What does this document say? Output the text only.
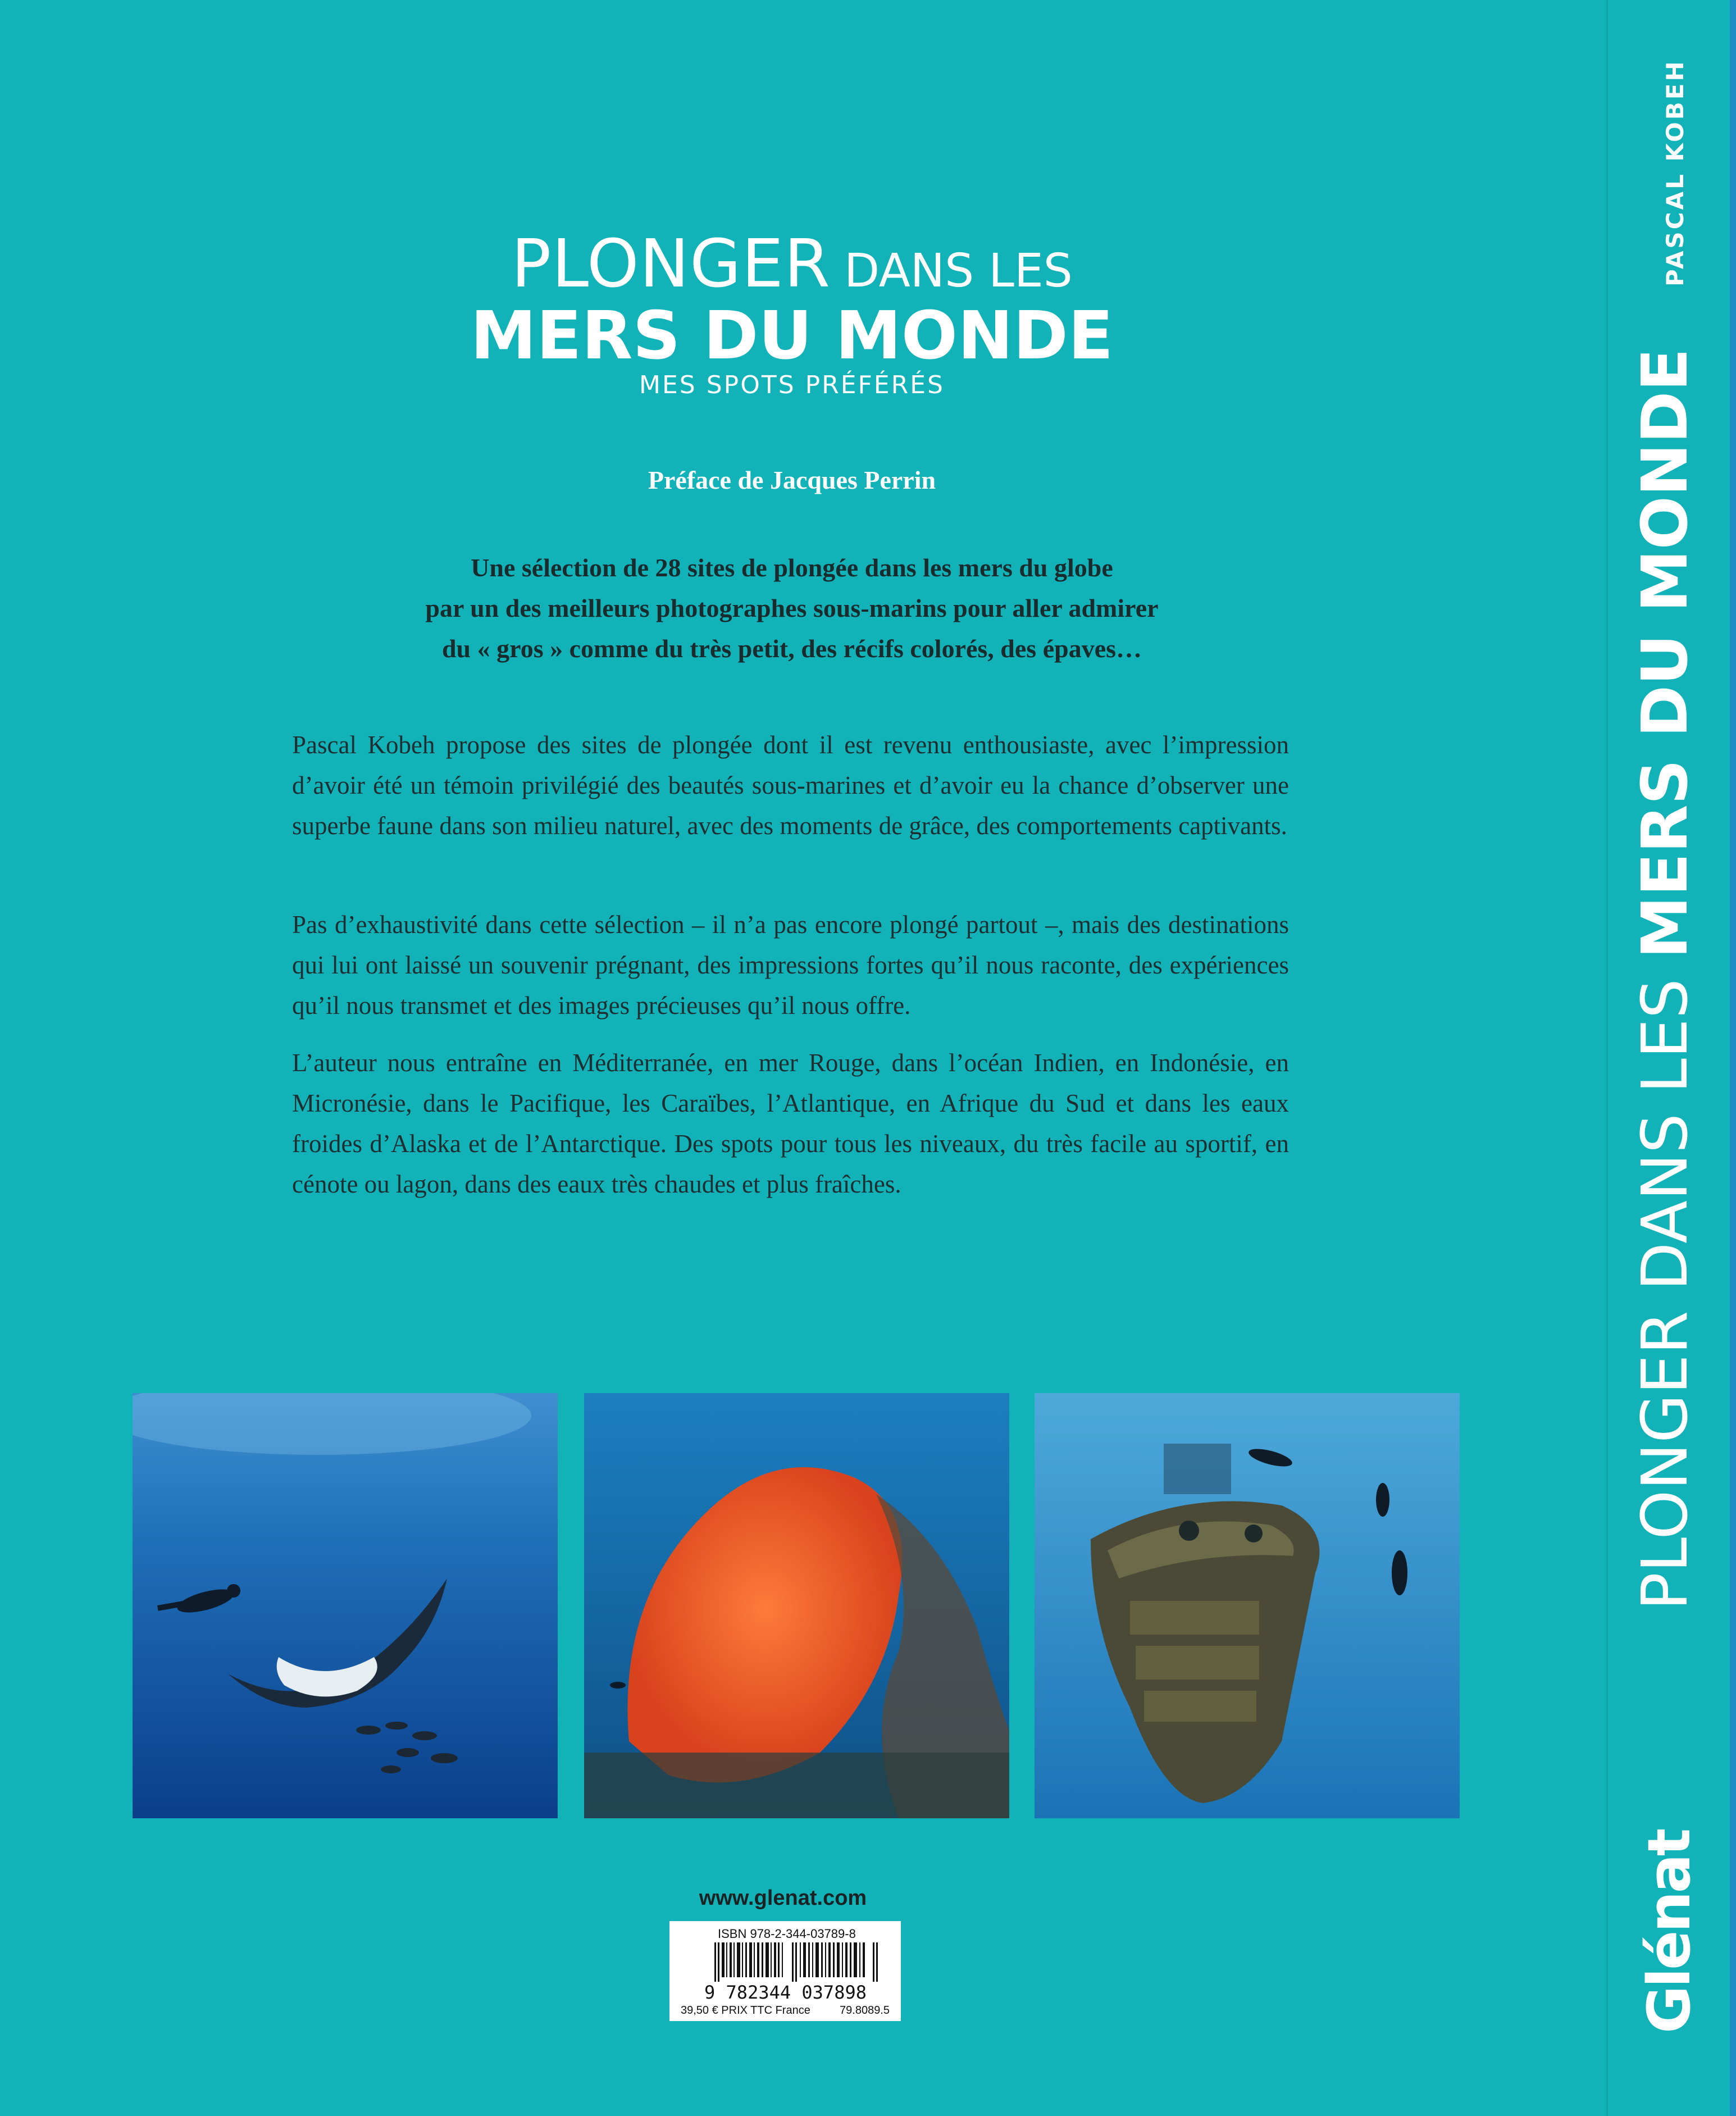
PLONGER DANS LES
MERS DU MONDE
MES SPOTS PRÉFÉRÉS
Préface de Jacques Perrin
Une sélection de 28 sites de plongée dans les mers du globe
par un des meilleurs photographes sous-marins pour aller admirer
du « gros » comme du très petit, des récifs colorés, des épaves…

Pascal Kobeh propose des sites de plongée dont il est revenu enthousiaste, avec l’impression d’avoir été un témoin privilégié des beautés sous-marines et d’avoir eu la chance d’observer une superbe faune dans son milieu naturel, avec des moments de grâce, des comportements captivants.

Pas d’exhaustivité dans cette sélection – il n’a pas encore plongé partout –, mais des destinations qui lui ont laissé un souvenir prégnant, des impressions fortes qu’il nous raconte, des expériences qu’il nous transmet et des images précieuses qu’il nous offre.

L’auteur nous entraîne en Méditerranée, en mer Rouge, dans l’océan Indien, en Indonésie, en Micronésie, dans le Pacifique, les Caraïbes, l’Atlantique, en Afrique du Sud et dans les eaux froides d’Alaska et de l’Antarctique. Des spots pour tous les niveaux, du très facile au sportif, en cénote ou lagon, dans des eaux très chaudes et plus fraîches.

www.glenat.com
ISBN 978-2-344-03789-8
9 782344 037898
39,50 € PRIX TTC France	79.8089.5
PASCAL KOBEH
PLONGER DANS LES MERS DU MONDE
Glénat
